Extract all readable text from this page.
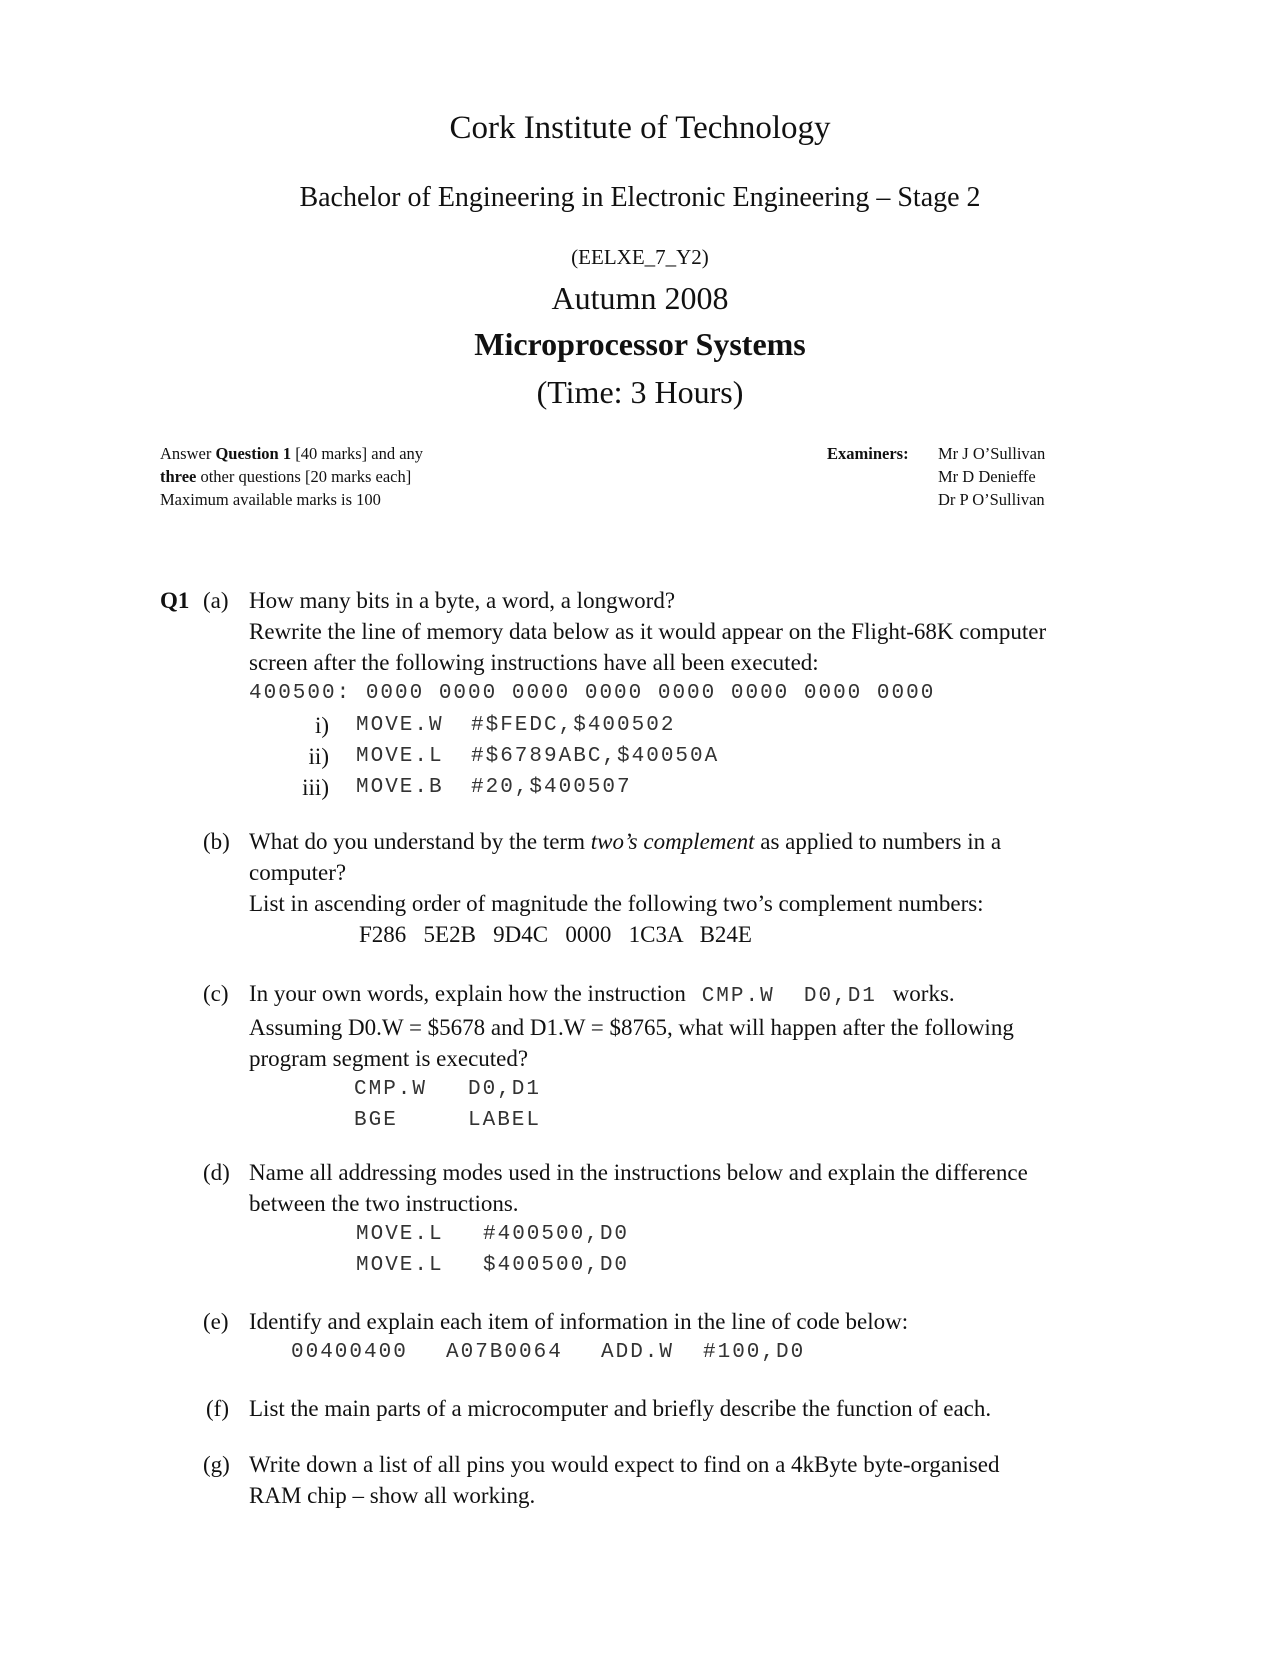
Cork Institute of Technology
Bachelor of Engineering in Electronic Engineering – Stage 2
(EELXE_7_Y2)
Autumn 2008
Microprocessor Systems
(Time: 3 Hours)
Answer Question 1 [40 marks] and any
three other questions [20 marks each]
Maximum available marks is 100
Examiners: Mr J O’Sullivan
Mr D Denieffe
Dr P O’Sullivan
Q1 (a) How many bits in a byte, a word, a longword?
Rewrite the line of memory data below as it would appear on the Flight-68K computer
screen after the following instructions have all been executed:
400500: 0000 0000 0000 0000 0000 0000 0000 0000
i) MOVE.W #$FEDC,$400502
ii) MOVE.L #$6789ABC,$40050A
iii) MOVE.B #20,$400507
(b) What do you understand by the term two’s complement as applied to numbers in a
computer?
List in ascending order of magnitude the following two’s complement numbers:
F286   5E2B   9D4C   0000   1C3A   B24E
(c) In your own words, explain how the instruction CMP.W  D0,D1 works.
Assuming D0.W = $5678 and D1.W = $8765, what will happen after the following
program segment is executed?
CMP.W D0,D1
BGE	LABEL
(d) Name all addressing modes used in the instructions below and explain the difference
between the two instructions.
MOVE.L #400500,D0
MOVE.L $400500,D0
(e) Identify and explain each item of information in the line of code below:
00400400 A07B0064 ADD.W #100,D0
(f) List the main parts of a microcomputer and briefly describe the function of each.
(g) Write down a list of all pins you would expect to find on a 4kByte byte-organised
RAM chip – show all working.
